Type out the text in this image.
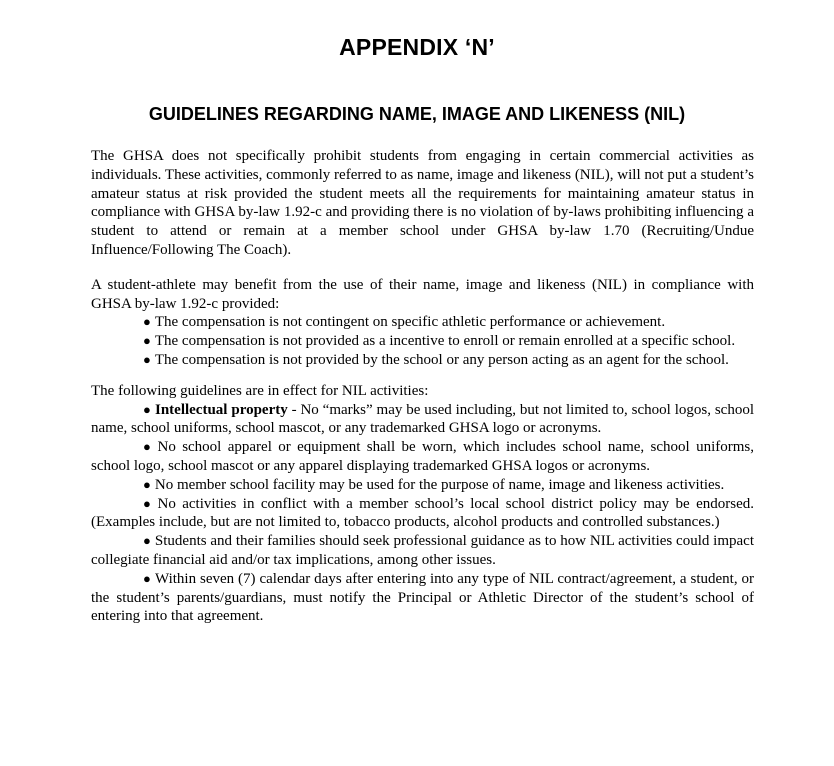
APPENDIX ‘N’
GUIDELINES REGARDING NAME, IMAGE AND LIKENESS (NIL)

The GHSA does not specifically prohibit students from engaging in certain commercial activities as individuals. These activities, commonly referred to as name, image and likeness (NIL), will not put a student’s amateur status at risk provided the student meets all the requirements for maintaining amateur status in compliance with GHSA by-law 1.92-c and providing there is no violation of by-laws prohibiting influencing a student to attend or remain at a member school under GHSA by-law 1.70 (Recruiting/Undue Influence/Following The Coach).

A student-athlete may benefit from the use of their name, image and likeness (NIL) in compliance with GHSA by-law 1.92-c provided:

● The compensation is not contingent on specific athletic performance or achievement.
● The compensation is not provided as a incentive to enroll or remain enrolled at a specific school.
● The compensation is not provided by the school or any person acting as an agent for the school.

The following guidelines are in effect for NIL activities:

● Intellectual property - No “marks” may be used including, but not limited to, school logos, school name, school uniforms, school mascot, or any trademarked GHSA logo or acronyms.

● No school apparel or equipment shall be worn, which includes school name, school uniforms, school logo, school mascot or any apparel displaying trademarked GHSA logos or acronyms.

● No member school facility may be used for the purpose of name, image and likeness activities.

● No activities in conflict with a member school’s local school district policy may be endorsed. (Examples include, but are not limited to, tobacco products, alcohol products and controlled substances.)

● Students and their families should seek professional guidance as to how NIL activities could impact collegiate financial aid and/or tax implications, among other issues.

● Within seven (7) calendar days after entering into any type of NIL contract/agreement, a student, or the student’s parents/guardians, must notify the Principal or Athletic Director of the student’s school of entering into that agreement.
